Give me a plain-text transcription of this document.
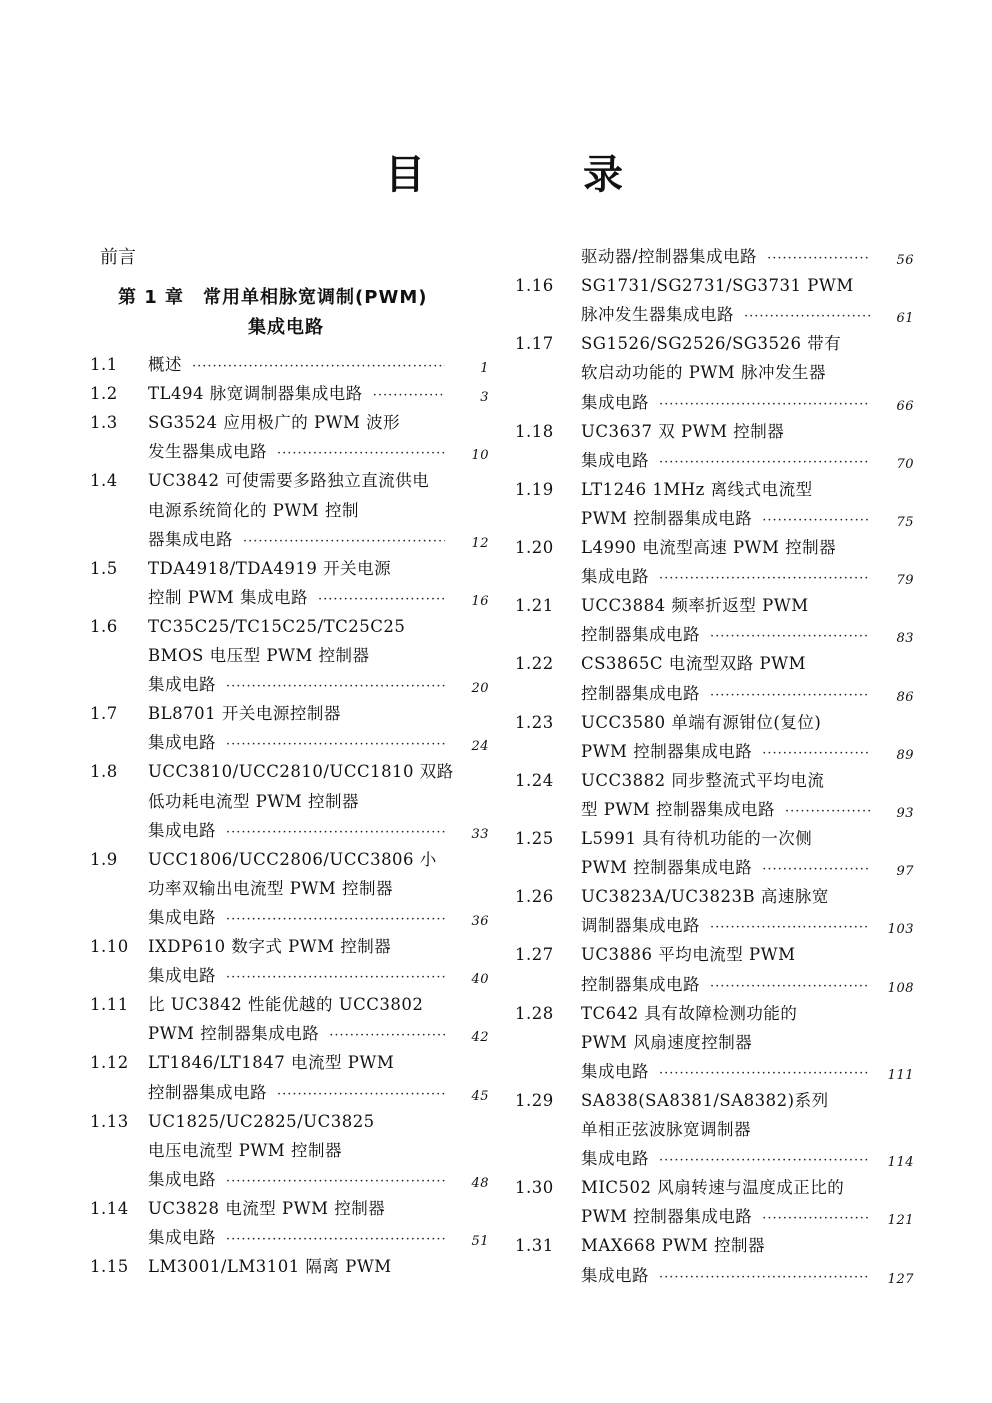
目	录
前言
第 1 章　常用单相脉宽调制(PWM)
集成电路
1.1	概述 ·····	1
1.2	TL494 脉宽调制器集成电路 ·····	3
1.3	SG3524 应用极广的 PWM 波形
发生器集成电路 ·····	10
1.4	UC3842 可使需要多路独立直流供电
电源系统简化的 PWM 控制
器集成电路 ·····	12
1.5	TDA4918/TDA4919 开关电源
控制 PWM 集成电路 ·····	16
1.6	TC35C25/TC15C25/TC25C25
BMOS 电压型 PWM 控制器
集成电路 ·····	20
1.7	BL8701 开关电源控制器
集成电路 ·····	24
1.8	UCC3810/UCC2810/UCC1810 双路
低功耗电流型 PWM 控制器
集成电路 ·····	33
1.9	UCC1806/UCC2806/UCC3806 小
功率双输出电流型 PWM 控制器
集成电路 ·····	36
1.10	IXDP610 数字式 PWM 控制器
集成电路 ·····	40
1.11	比 UC3842 性能优越的 UCC3802
PWM 控制器集成电路 ·····	42
1.12	LT1846/LT1847 电流型 PWM
控制器集成电路 ·····	45
1.13	UC1825/UC2825/UC3825
电压电流型 PWM 控制器
集成电路 ·····	48
1.14	UC3828 电流型 PWM 控制器
集成电路 ·····	51
1.15	LM3001/LM3101 隔离 PWM
驱动器/控制器集成电路 ·····	56
1.16	SG1731/SG2731/SG3731 PWM
脉冲发生器集成电路 ·····	61
1.17	SG1526/SG2526/SG3526 带有
软启动功能的 PWM 脉冲发生器
集成电路 ·····	66
1.18	UC3637 双 PWM 控制器
集成电路 ·····	70
1.19	LT1246 1MHz 离线式电流型
PWM 控制器集成电路 ·····	75
1.20	L4990 电流型高速 PWM 控制器
集成电路 ·····	79
1.21	UCC3884 频率折返型 PWM
控制器集成电路 ·····	83
1.22	CS3865C 电流型双路 PWM
控制器集成电路 ·····	86
1.23	UCC3580 单端有源钳位(复位)
PWM 控制器集成电路 ·····	89
1.24	UCC3882 同步整流式平均电流
型 PWM 控制器集成电路 ·····	93
1.25	L5991 具有待机功能的一次侧
PWM 控制器集成电路 ·····	97
1.26	UC3823A/UC3823B 高速脉宽
调制器集成电路 ·····	103
1.27	UC3886 平均电流型 PWM
控制器集成电路 ·····	108
1.28	TC642 具有故障检测功能的
PWM 风扇速度控制器
集成电路 ·····	111
1.29	SA838(SA8381/SA8382)系列
单相正弦波脉宽调制器
集成电路 ·····	114
1.30	MIC502 风扇转速与温度成正比的
PWM 控制器集成电路 ·····	121
1.31	MAX668 PWM 控制器
集成电路 ·····	127
